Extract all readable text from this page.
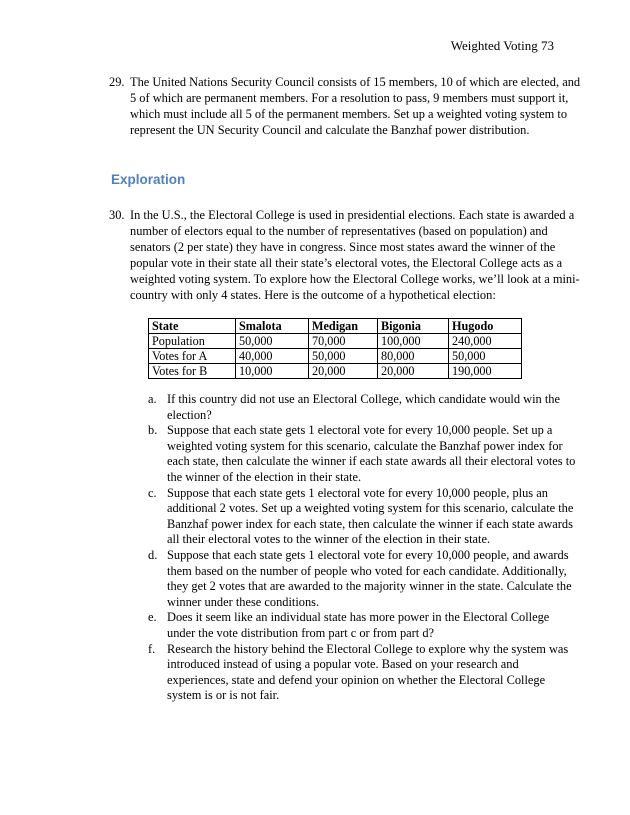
Weighted Voting 73
29. The United Nations Security Council consists of 15 members, 10 of which are elected, and 5 of which are permanent members. For a resolution to pass, 9 members must support it, which must include all 5 of the permanent members. Set up a weighted voting system to represent the UN Security Council and calculate the Banzhaf power distribution.
Exploration
30. In the U.S., the Electoral College is used in presidential elections. Each state is awarded a number of electors equal to the number of representatives (based on population) and senators (2 per state) they have in congress. Since most states award the winner of the popular vote in their state all their state’s electoral votes, the Electoral College acts as a weighted voting system. To explore how the Electoral College works, we’ll look at a mini-country with only 4 states. Here is the outcome of a hypothetical election:
State	Smalota	Medigan	Bigonia	Hugodo
Population	50,000	70,000	100,000	240,000
Votes for A	40,000	50,000	80,000	50,000
Votes for B	10,000	20,000	20,000	190,000
a. If this country did not use an Electoral College, which candidate would win the election?
b. Suppose that each state gets 1 electoral vote for every 10,000 people. Set up a weighted voting system for this scenario, calculate the Banzhaf power index for each state, then calculate the winner if each state awards all their electoral votes to the winner of the election in their state.
c. Suppose that each state gets 1 electoral vote for every 10,000 people, plus an additional 2 votes. Set up a weighted voting system for this scenario, calculate the Banzhaf power index for each state, then calculate the winner if each state awards all their electoral votes to the winner of the election in their state.
d. Suppose that each state gets 1 electoral vote for every 10,000 people, and awards them based on the number of people who voted for each candidate. Additionally, they get 2 votes that are awarded to the majority winner in the state. Calculate the winner under these conditions.
e. Does it seem like an individual state has more power in the Electoral College under the vote distribution from part c or from part d?
f. Research the history behind the Electoral College to explore why the system was introduced instead of using a popular vote. Based on your research and experiences, state and defend your opinion on whether the Electoral College system is or is not fair.
